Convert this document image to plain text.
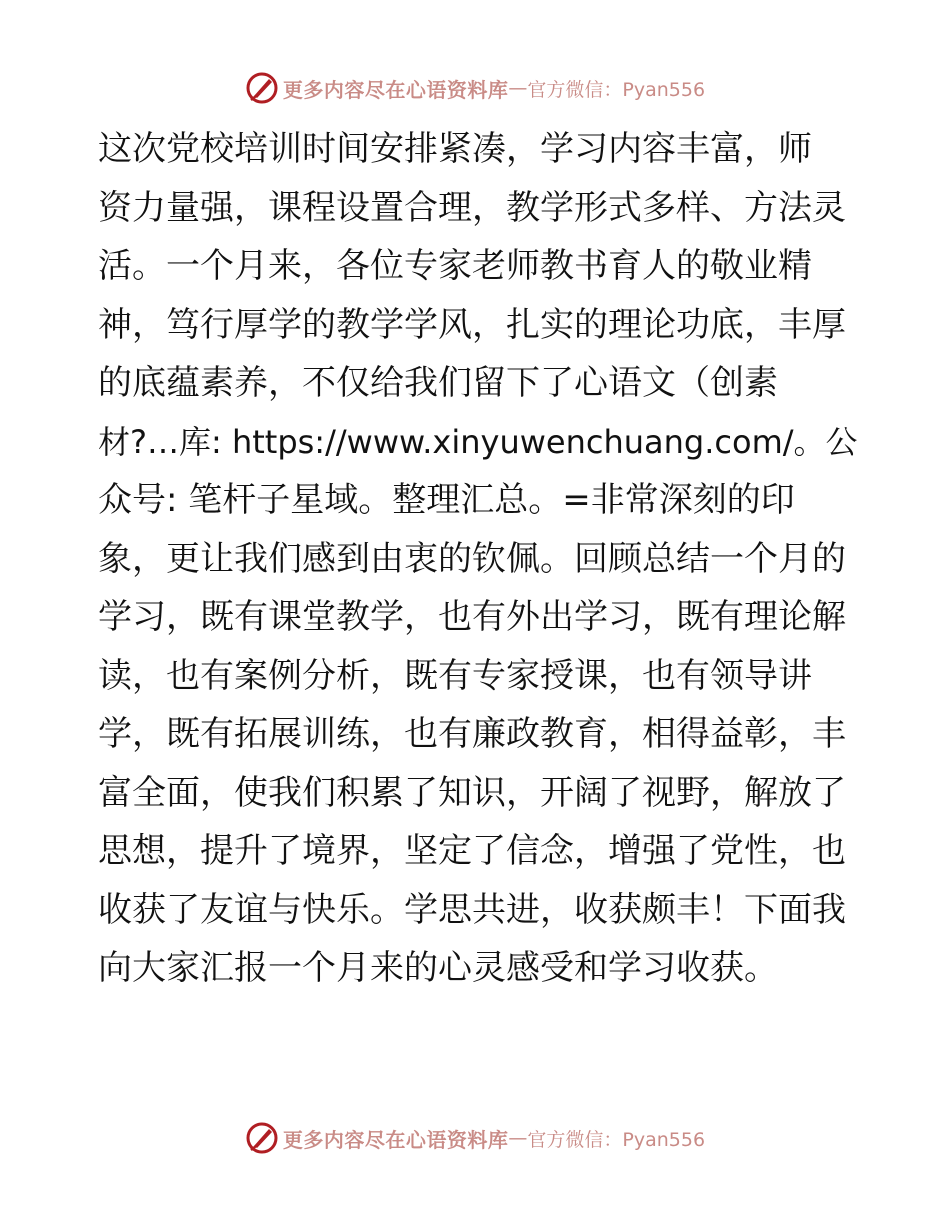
更多内容尽在心语资料库 — 官方微信：Pyan556
这次党校培训时间安排紧凑，学习内容丰富，师
资力量强，课程设置合理，教学形式多样、方法灵
活。一个月来，各位专家老师教书育人的敬业精
神，笃行厚学的教学学风，扎实的理论功底，丰厚
的底蕴素养，不仅给我们留下了心语文（创素
材?…库: https://www.xinyuwenchuang.com/。公
众号: 笔杆子星域。整理汇总。=非常深刻的印
象，更让我们感到由衷的钦佩。回顾总结一个月的
学习，既有课堂教学，也有外出学习，既有理论解
读，也有案例分析，既有专家授课，也有领导讲
学，既有拓展训练，也有廉政教育，相得益彰，丰
富全面，使我们积累了知识，开阔了视野，解放了
思想，提升了境界，坚定了信念，增强了党性，也
收获了友谊与快乐。学思共进，收获颇丰！下面我
向大家汇报一个月来的心灵感受和学习收获。
更多内容尽在心语资料库 — 官方微信：Pyan556
